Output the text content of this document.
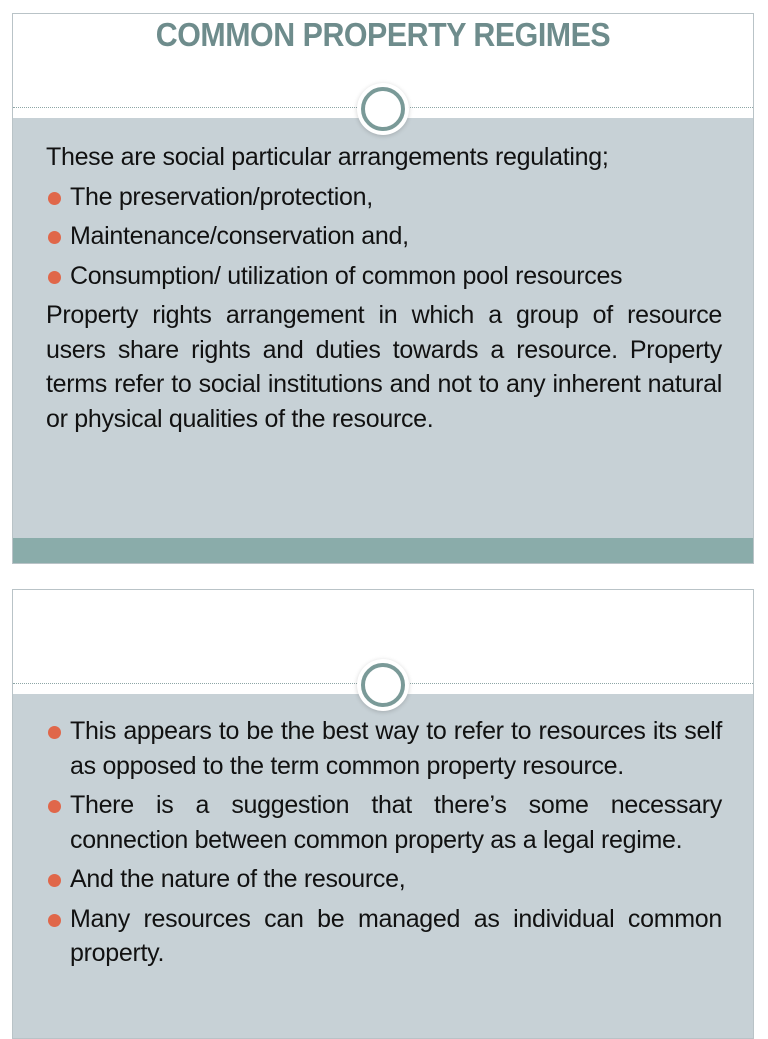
COMMON PROPERTY REGIMES

These are social particular arrangements regulating;

The preservation/protection,

Maintenance/conservation and,

Consumption/ utilization of common pool resources

Property rights arrangement in which a group of resource users share rights and duties towards a resource. Property terms refer to social institutions and not to any inherent natural or physical qualities of the resource.

This appears to be the best way to refer to resources its self as opposed to the term common property resource.

There is a suggestion that there’s some necessary connection between common property as a legal regime.

And the nature of the resource,

Many resources can be managed as individual common property.
